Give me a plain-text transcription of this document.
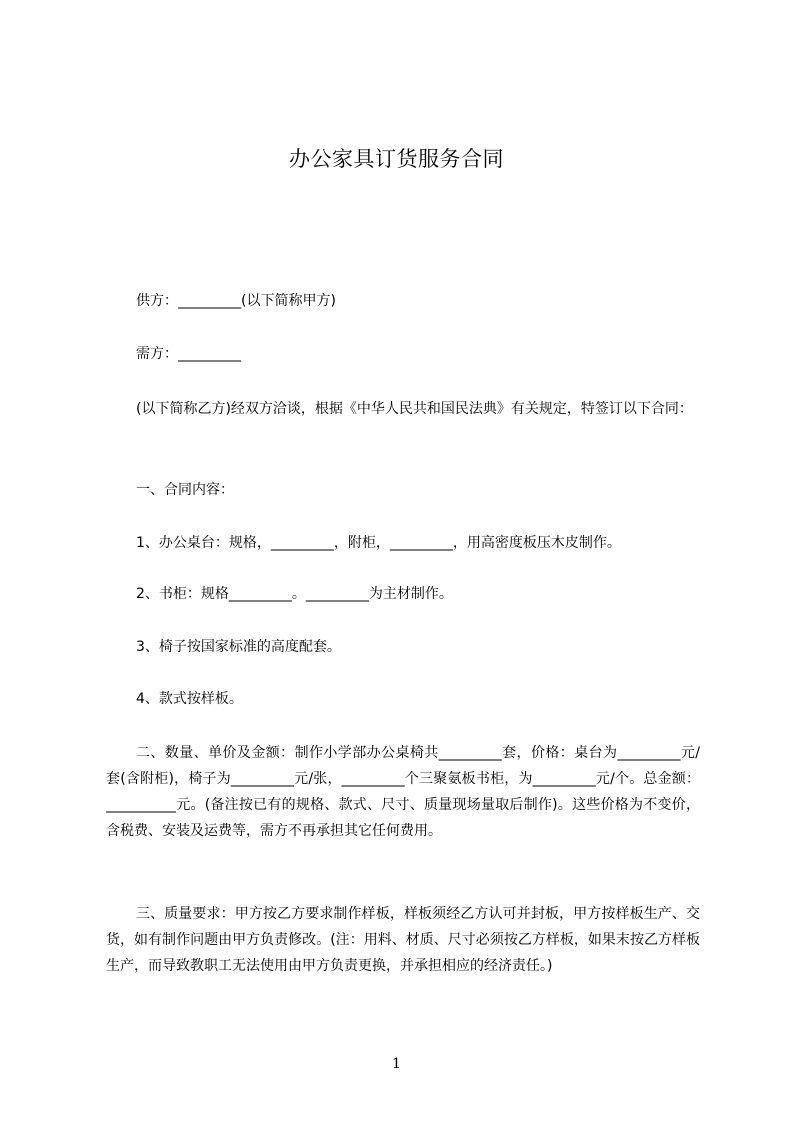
办公家具订货服务合同
供方：_________(以下简称甲方)
需方：_________
(以下简称乙方)经双方洽谈，根据《中华人民共和国民法典》有关规定，特签订以下合同：
一、合同内容：
1、办公桌台：规格，_________，附柜，_________，用高密度板压木皮制作。
2、书柜：规格_________。_________为主材制作。
3、椅子按国家标准的高度配套。
4、款式按样板。
二、数量、单价及金额：制作小学部办公桌椅共_________套，价格：桌台为_________元/套(含附柜)，椅子为_________元/张，_________个三聚氨板书柜，为_________元/个。总金额：__________元。(备注按已有的规格、款式、尺寸、质量现场量取后制作)。这些价格为不变价，含税费、安装及运费等，需方不再承担其它任何费用。
三、质量要求：甲方按乙方要求制作样板，样板须经乙方认可并封板，甲方按样板生产、交货，如有制作问题由甲方负责修改。(注：用料、材质、尺寸必须按乙方样板，如果末按乙方样板生产，而导致教职工无法使用由甲方负责更换，并承担相应的经济责任。)
1
